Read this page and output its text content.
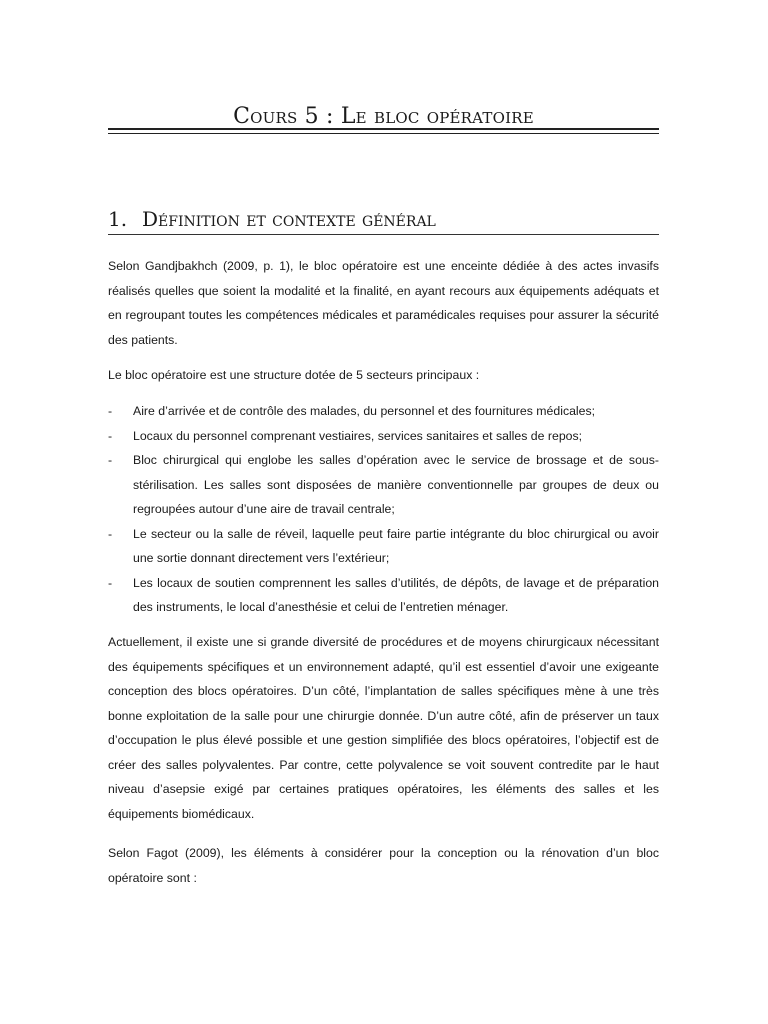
Cours 5 : Le bloc opératoire
1. Définition et contexte général

Selon Gandjbakhch (2009, p. 1), le bloc opératoire est une enceinte dédiée à des actes invasifs réalisés quelles que soient la modalité et la finalité, en ayant recours aux équipements adéquats et en regroupant toutes les compétences médicales et paramédicales requises pour assurer la sécurité des patients.

Le bloc opératoire est une structure dotée de 5 secteurs principaux :

- Aire d’arrivée et de contrôle des malades, du personnel et des fournitures médicales;
- Locaux du personnel comprenant vestiaires, services sanitaires et salles de repos;
- Bloc chirurgical qui englobe les salles d’opération avec le service de brossage et de sous-stérilisation. Les salles sont disposées de manière conventionnelle par groupes de deux ou regroupées autour d’une aire de travail centrale;
- Le secteur ou la salle de réveil, laquelle peut faire partie intégrante du bloc chirurgical ou avoir une sortie donnant directement vers l’extérieur;
- Les locaux de soutien comprennent les salles d’utilités, de dépôts, de lavage et de préparation des instruments, le local d’anesthésie et celui de l’entretien ménager.

Actuellement, il existe une si grande diversité de procédures et de moyens chirurgicaux nécessitant des équipements spécifiques et un environnement adapté, qu’il est essentiel d’avoir une exigeante conception des blocs opératoires. D’un côté, l’implantation de salles spécifiques mène à une très bonne exploitation de la salle pour une chirurgie donnée. D’un autre côté, afin de préserver un taux d’occupation le plus élevé possible et une gestion simplifiée des blocs opératoires, l’objectif est de créer des salles polyvalentes. Par contre, cette polyvalence se voit souvent contredite par le haut niveau d’asepsie exigé par certaines pratiques opératoires, les éléments des salles et les équipements biomédicaux.

Selon Fagot (2009), les éléments à considérer pour la conception ou la rénovation d’un bloc opératoire sont :
